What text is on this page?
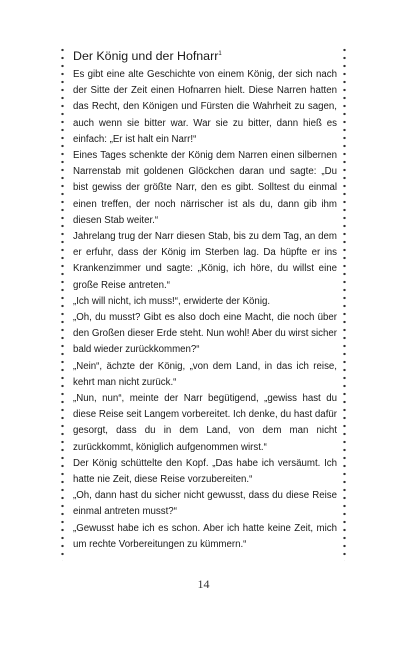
Der König und der Hofnarr$^1$

Es gibt eine alte Geschichte von einem König, der sich nach der Sitte der Zeit einen Hofnarren hielt. Diese Narren hatten das Recht, den Königen und Fürsten die Wahrheit zu sagen, auch wenn sie bitter war. War sie zu bitter, dann hieß es einfach: „Er ist halt ein Narr!“

Eines Tages schenkte der König dem Narren einen silbernen Narrenstab mit goldenen Glöckchen daran und sagte: „Du bist gewiss der größte Narr, den es gibt. Solltest du einmal einen treffen, der noch närrischer ist als du, dann gib ihm diesen Stab weiter.“

Jahrelang trug der Narr diesen Stab, bis zu dem Tag, an dem er erfuhr, dass der König im Sterben lag. Da hüpfte er ins Krankenzimmer und sagte: „König, ich höre, du willst eine große Reise antreten.“

„Ich will nicht, ich muss!“, erwiderte der König.

„Oh, du musst? Gibt es also doch eine Macht, die noch über den Großen dieser Erde steht. Nun wohl! Aber du wirst sicher bald wieder zurückkommen?“

„Nein“, ächzte der König, „von dem Land, in das ich reise, kehrt man nicht zurück.“

„Nun, nun“, meinte der Narr begütigend, „gewiss hast du diese Reise seit Langem vorbereitet. Ich denke, du hast dafür gesorgt, dass du in dem Land, von dem man nicht zurückkommt, königlich aufgenommen wirst.“

Der König schüttelte den Kopf. „Das habe ich versäumt. Ich hatte nie Zeit, diese Reise vorzubereiten.“

„Oh, dann hast du sicher nicht gewusst, dass du diese Reise einmal antreten musst?“

„Gewusst habe ich es schon. Aber ich hatte keine Zeit, mich um rechte Vorbereitungen zu kümmern.“

14
